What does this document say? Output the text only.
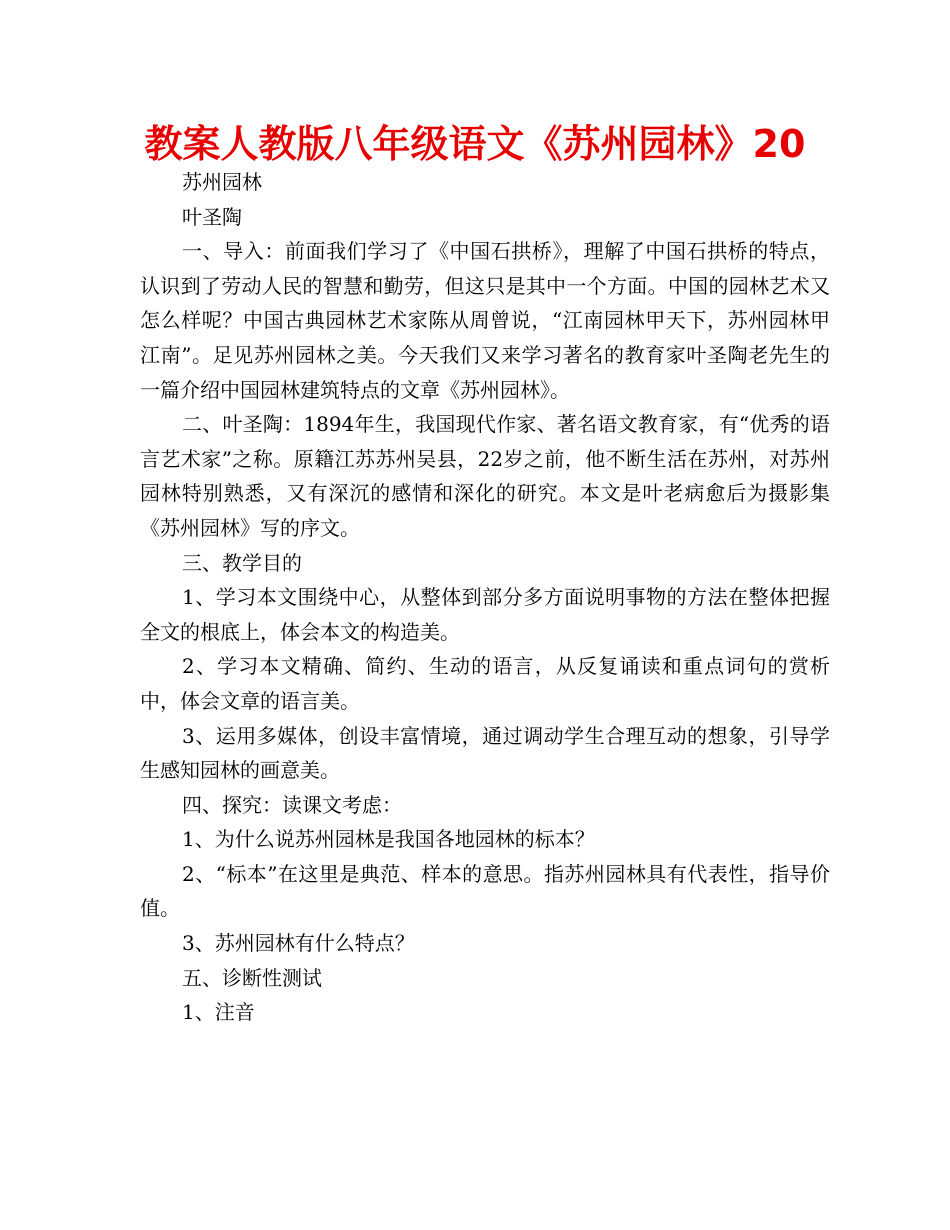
教案人教版八年级语文《苏州园林》20

苏州园林

叶圣陶

一、导入：前面我们学习了《中国石拱桥》，理解了中国石拱桥的特点，认识到了劳动人民的智慧和勤劳，但这只是其中一个方面。中国的园林艺术又怎么样呢？中国古典园林艺术家陈从周曾说，“江南园林甲天下，苏州园林甲江南”。足见苏州园林之美。今天我们又来学习著名的教育家叶圣陶老先生的一篇介绍中国园林建筑特点的文章《苏州园林》。

二、叶圣陶：1894年生，我国现代作家、著名语文教育家，有“优秀的语言艺术家”之称。原籍江苏苏州吴县，22岁之前，他不断生活在苏州，对苏州园林特别熟悉，又有深沉的感情和深化的研究。本文是叶老病愈后为摄影集《苏州园林》写的序文。

三、教学目的

1、学习本文围绕中心，从整体到部分多方面说明事物的方法在整体把握全文的根底上，体会本文的构造美。

2、学习本文精确、简约、生动的语言，从反复诵读和重点词句的赏析中，体会文章的语言美。

3、运用多媒体，创设丰富情境，通过调动学生合理互动的想象，引导学生感知园林的画意美。

四、探究：读课文考虑：

1、为什么说苏州园林是我国各地园林的标本？

2、“标本”在这里是典范、样本的意思。指苏州园林具有代表性，指导价值。

3、苏州园林有什么特点？

五、诊断性测试

1、注音
